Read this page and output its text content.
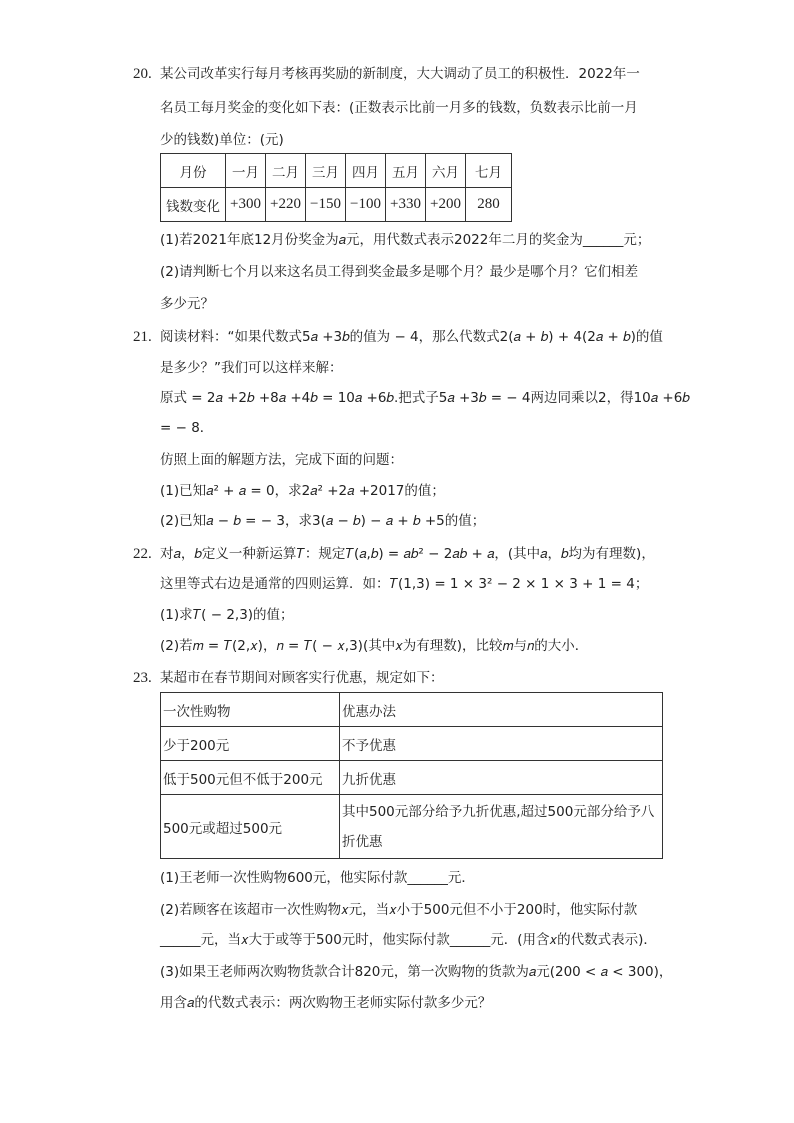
20. 某公司改革实行每月考核再奖励的新制度，大大调动了员工的积极性．2022年一
名员工每月奖金的变化如下表：(正数表示比前一月多的钱数，负数表示比前一月
少的钱数)单位：(元)
月份	一月	二月	三月	四月	五月	六月	七月
钱数变化	+300	+220	−150	−100	+330	+200	280
(1)若2021年底12月份奖金为𝑎元，用代数式表示2022年二月的奖金为______元；
(2)请判断七个月以来这名员工得到奖金最多是哪个月？最少是哪个月？它们相差
多少元？
21. 阅读材料：“如果代数式5𝑎 +3𝑏的值为 − 4，那么代数式2(𝑎 + 𝑏) + 4(2𝑎 + 𝑏)的值
是多少？”我们可以这样来解：
原式 = 2𝑎 +2𝑏 +8𝑎 +4𝑏 = 10𝑎 +6𝑏.把式子5𝑎 +3𝑏 = − 4两边同乘以2，得10𝑎 +6𝑏
= − 8．
仿照上面的解题方法，完成下面的问题：
(1)已知𝑎² + 𝑎 = 0，求2𝑎² +2𝑎 +2017的值；
(2)已知𝑎 − 𝑏 = − 3，求3(𝑎 − 𝑏) − 𝑎 + 𝑏 +5的值；
22. 对𝑎，𝑏定义一种新运算𝑇：规定𝑇(𝑎,𝑏) = 𝑎𝑏² − 2𝑎𝑏 + 𝑎，(其中𝑎，𝑏均为有理数)，
这里等式右边是通常的四则运算．如：𝑇(1,3) = 1 × 3² − 2 × 1 × 3 + 1 = 4；
(1)求𝑇( − 2,3)的值；
(2)若𝑚 = 𝑇(2,𝑥)，𝑛 = 𝑇( − 𝑥,3)(其中𝑥为有理数)，比较𝑚与𝑛的大小．
23. 某超市在春节期间对顾客实行优惠，规定如下：
一次性购物	优惠办法
少于200元	不予优惠
低于500元但不低于200元	九折优惠
500元或超过500元	其中500元部分给予九折优惠,超过500元部分给予八
折优惠
(1)王老师一次性购物600元，他实际付款______元．
(2)若顾客在该超市一次性购物𝑥元，当𝑥小于500元但不小于200时，他实际付款
______元，当𝑥大于或等于500元时，他实际付款______元．(用含𝑥的代数式表示)．
(3)如果王老师两次购物货款合计820元，第一次购物的货款为𝑎元(200 < 𝑎 < 300)，
用含𝑎的代数式表示：两次购物王老师实际付款多少元？
